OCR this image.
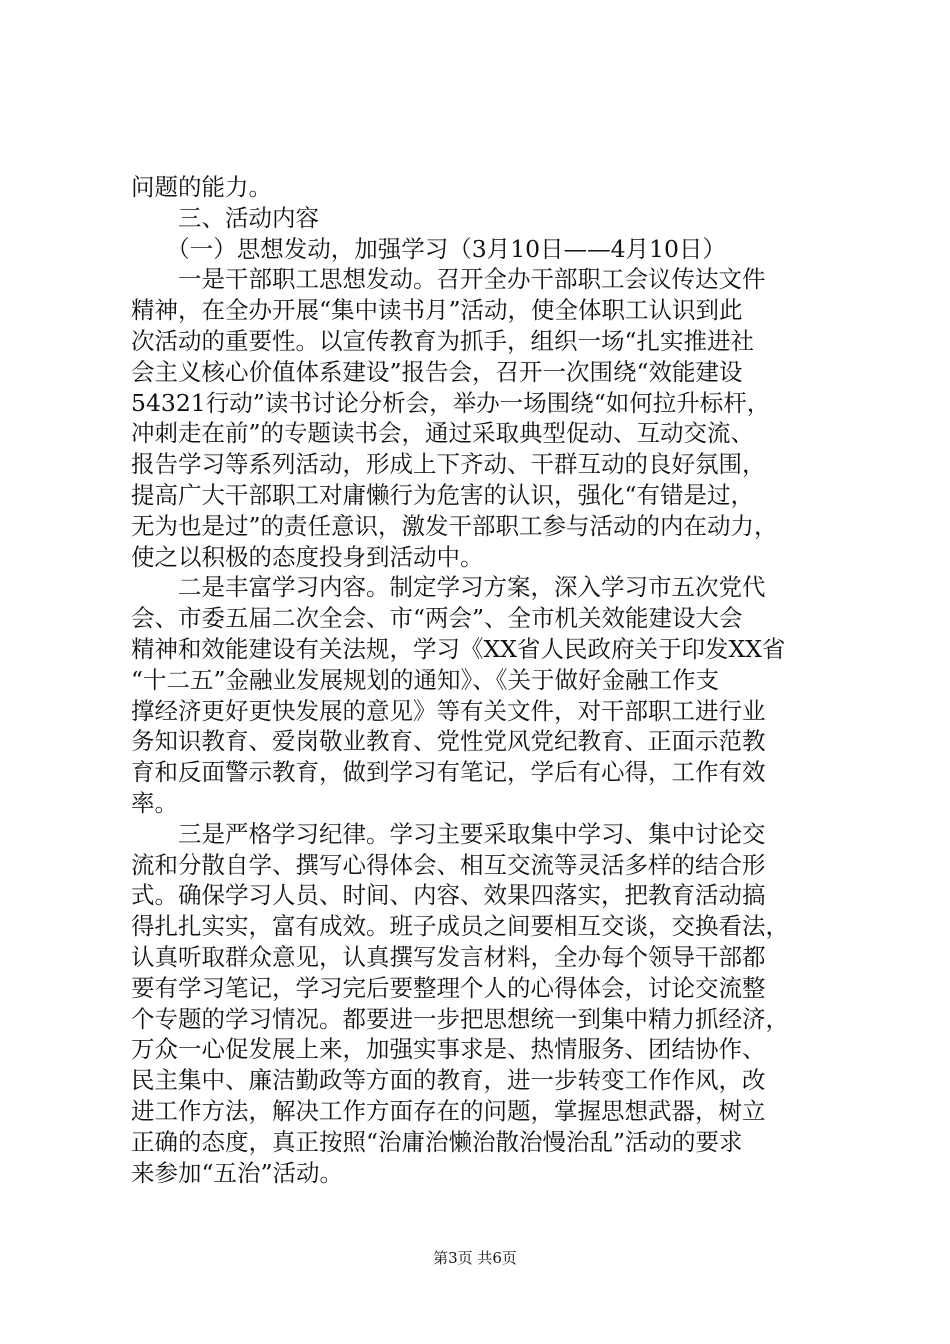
问题的能力。
　　三、活动内容
　　（一）思想发动，加强学习（3月10日——4月10日）
　　一是干部职工思想发动。召开全办干部职工会议传达文件
精神，在全办开展“集中读书月”活动，使全体职工认识到此
次活动的重要性。以宣传教育为抓手，组织一场“扎实推进社
会主义核心价值体系建设”报告会，召开一次围绕“效能建设
54321行动”读书讨论分析会，举办一场围绕“如何拉升标杆，
冲刺走在前”的专题读书会，通过采取典型促动、互动交流、
报告学习等系列活动，形成上下齐动、干群互动的良好氛围，
提高广大干部职工对庸懒行为危害的认识，强化“有错是过，
无为也是过”的责任意识，激发干部职工参与活动的内在动力，
使之以积极的态度投身到活动中。
　　二是丰富学习内容。制定学习方案，深入学习市五次党代
会、市委五届二次全会、市“两会”、全市机关效能建设大会
精神和效能建设有关法规，学习《XX省人民政府关于印发XX省
“十二五”金融业发展规划的通知》、《关于做好金融工作支
撑经济更好更快发展的意见》等有关文件，对干部职工进行业
务知识教育、爱岗敬业教育、党性党风党纪教育、正面示范教
育和反面警示教育，做到学习有笔记，学后有心得，工作有效
率。
　　三是严格学习纪律。学习主要采取集中学习、集中讨论交
流和分散自学、撰写心得体会、相互交流等灵活多样的结合形
式。确保学习人员、时间、内容、效果四落实，把教育活动搞
得扎扎实实，富有成效。班子成员之间要相互交谈，交换看法，
认真听取群众意见，认真撰写发言材料，全办每个领导干部都
要有学习笔记，学习完后要整理个人的心得体会，讨论交流整
个专题的学习情况。都要进一步把思想统一到集中精力抓经济，
万众一心促发展上来，加强实事求是、热情服务、团结协作、
民主集中、廉洁勤政等方面的教育，进一步转变工作作风，改
进工作方法，解决工作方面存在的问题，掌握思想武器，树立
正确的态度，真正按照“治庸治懒治散治慢治乱”活动的要求
来参加“五治”活动。
第3页 共6页
